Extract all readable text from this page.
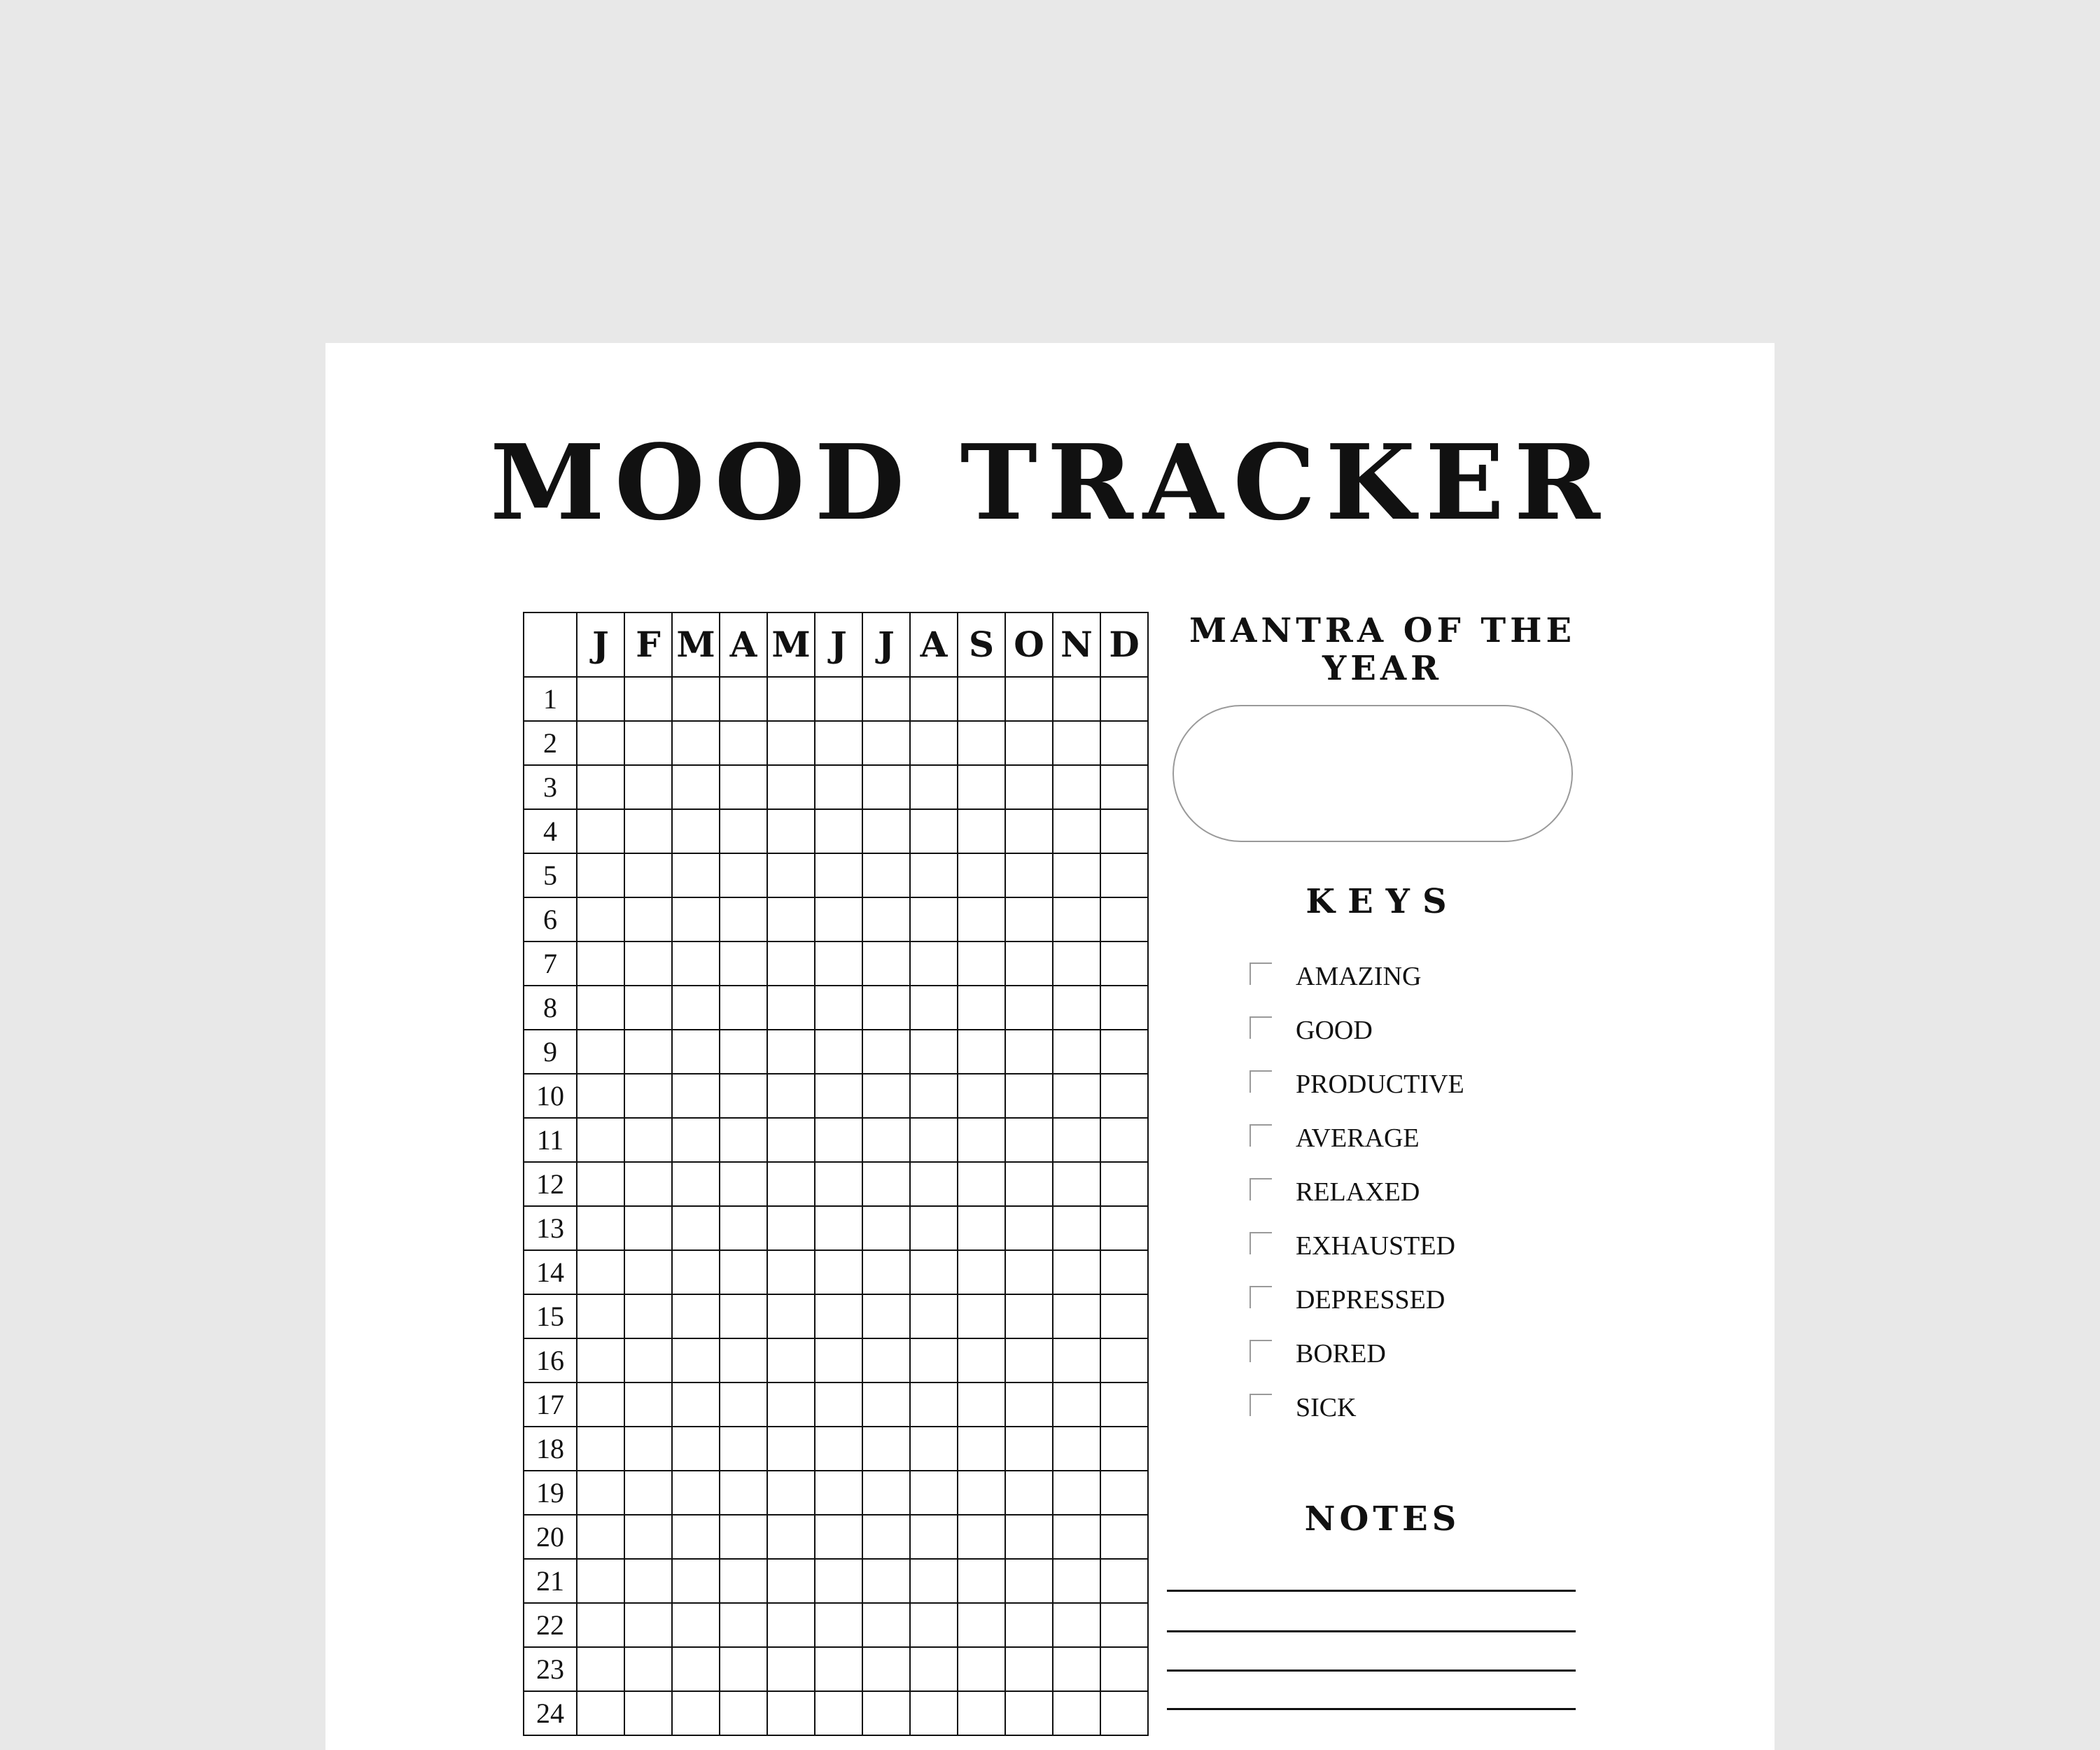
MOOD TRACKER
	J	F	M	A	M	J	J	A	S	O	N	D
1												
2												
3												
4												
5												
6												
7												
8												
9												
10												
11												
12												
13												
14												
15												
16												
17												
18												
19												
20												
21												
22												
23												
24												
MANTRA OF THE
YEAR
KEYS
AMAZING
GOOD
PRODUCTIVE
AVERAGE
RELAXED
EXHAUSTED
DEPRESSED
BORED
SICK
NOTES
